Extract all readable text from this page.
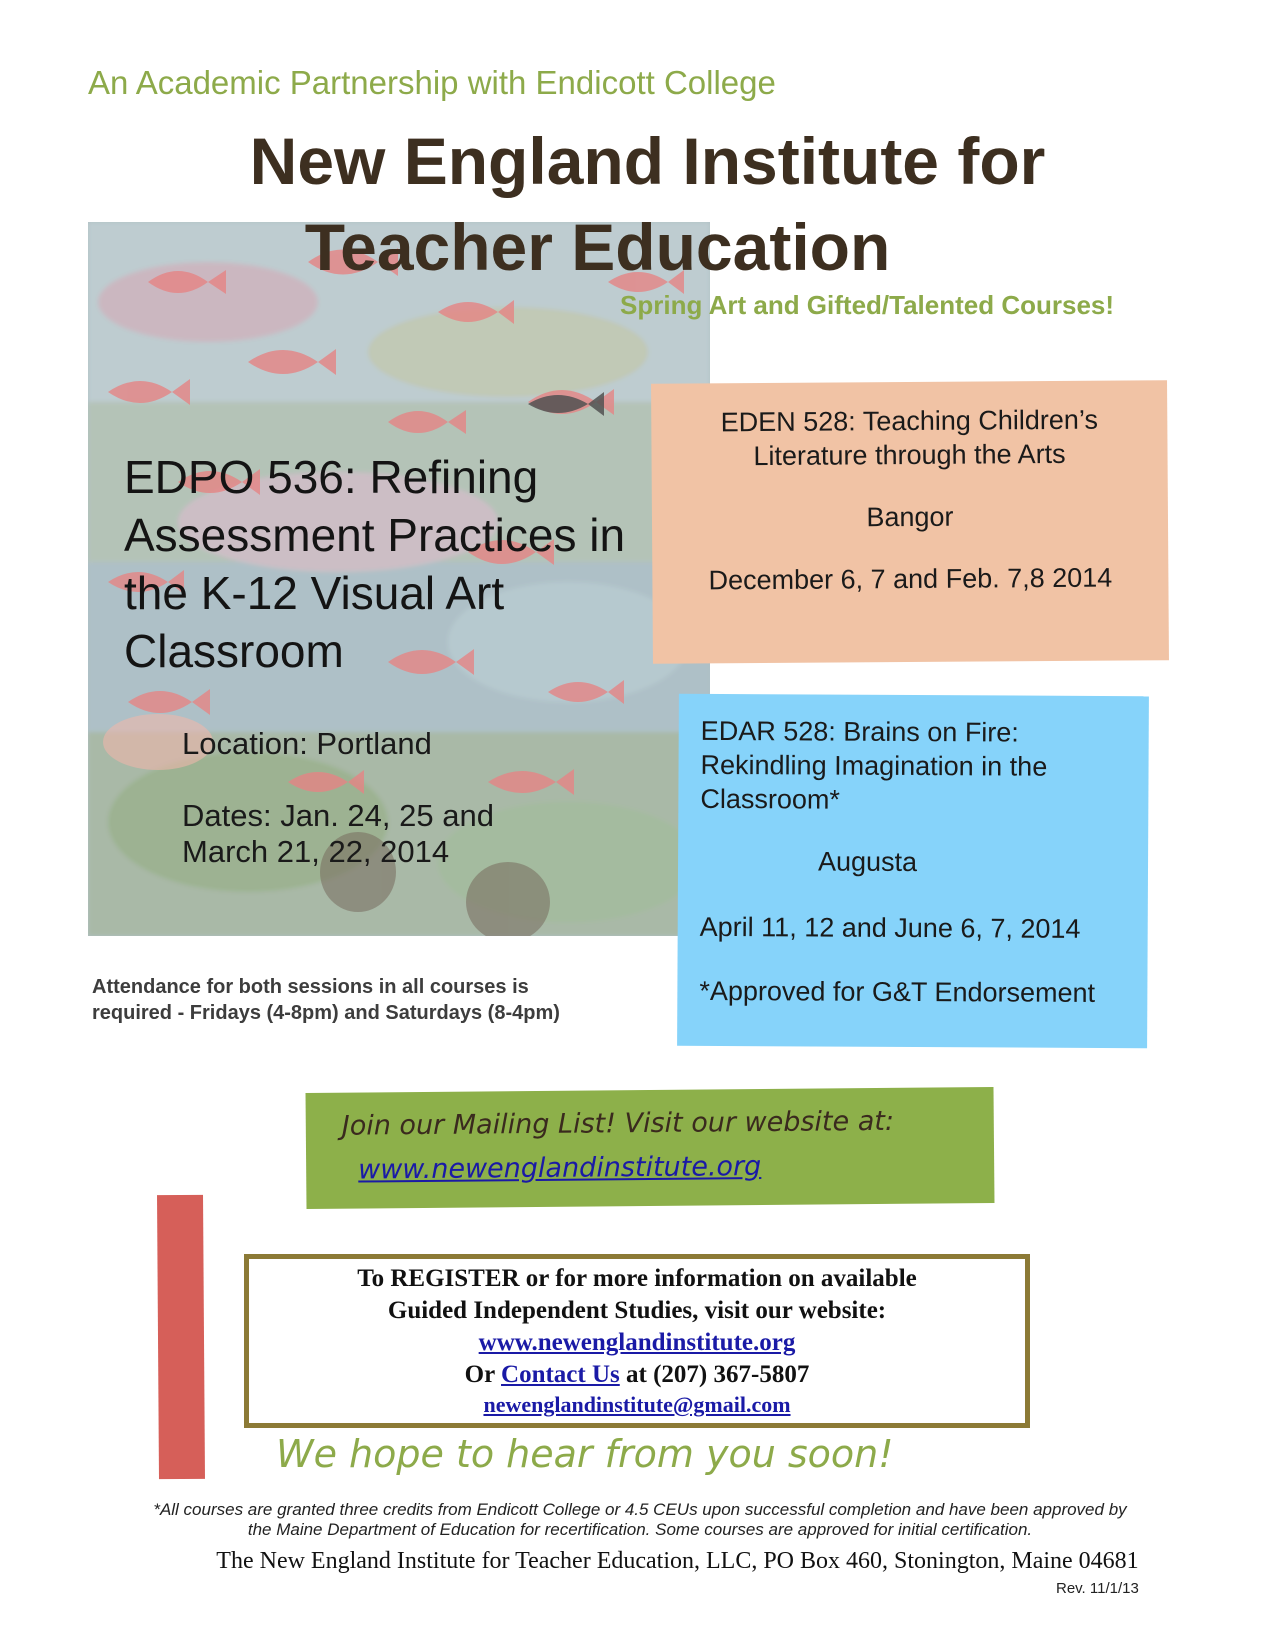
An Academic Partnership with Endicott College
New England Institute for
Teacher Education
Spring Art and Gifted/Talented Courses!

EDPO 536: Refining Assessment Practices in the K-12 Visual Art Classroom

Location: Portland
Dates: Jan. 24, 25 and
March 21, 22, 2014
EDEN 528: Teaching Children’s
Literature through the Arts
Bangor
December 6, 7 and Feb. 7,8 2014
EDAR 528: Brains on Fire:
Rekindling Imagination in the
Classroom*
Augusta
April 11, 12 and June 6, 7, 2014
*Approved for G&T Endorsement
Attendance for both sessions in all courses is
required - Fridays (4-8pm) and Saturdays (8-4pm)
Join our Mailing List! Visit our website at:
www.newenglandinstitute.org
To REGISTER or for more information on available
Guided Independent Studies, visit our website:
www.newenglandinstitute.org
Or Contact Us at (207) 367-5807
newenglandinstitute@gmail.com
We hope to hear from you soon!
*All courses are granted three credits from Endicott College or 4.5 CEUs upon successful completion and have been approved by
the Maine Department of Education for recertification. Some courses are approved for initial certification.
The New England Institute for Teacher Education, LLC, PO Box 460, Stonington, Maine 04681
Rev. 11/1/13
